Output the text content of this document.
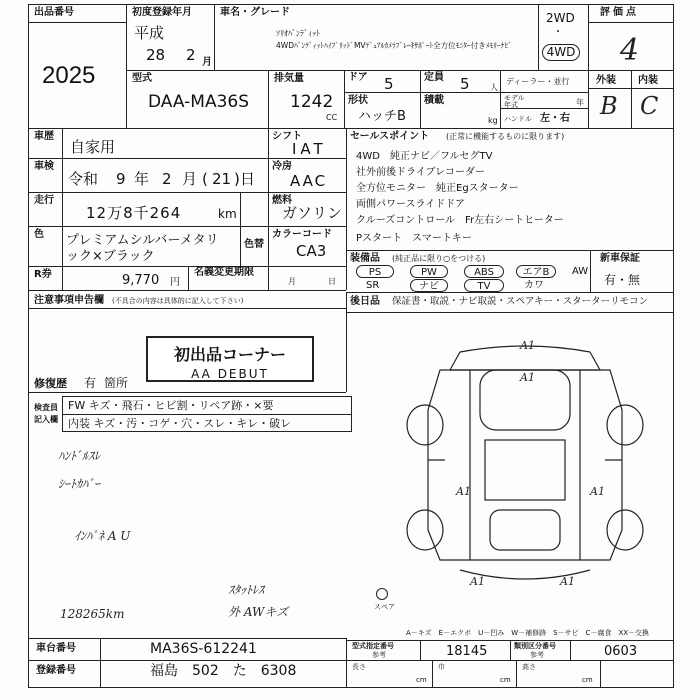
出品番号
2025
初度登録年月
平成
28 2 月
車名・グレード
ｿﾘｵﾊﾞﾝﾃﾞｨｯﾄ
4WDﾊﾞﾝﾃﾞｨｯﾄﾊｲﾌﾞﾘｯﾄﾞMVﾃﾞｭｱﾙｶﾒﾗﾌﾞﾚｰｷｻﾎﾟｰﾄ全方位ﾓﾆﾀｰ付きﾒﾓﾘｰﾅﾋﾞ
2WD
・
4WD
評価点
4
外装 内装
B C
型式
DAA-MA36S
排気量
1242
CC
ドア 5	定員 5	人
ディーラー・並行
形状
ハッチB
積載
kg
モデル年式	年
ハンドル 左・右
車歴
自家用
シフト
IAT
車検
令和 9 年 2 月 21 日
( )
冷房
AAC
走行
12万8千264	km
燃料
ガソリン
色 プレミアムシルバーメタリ
ック×ブラック
色替
カラーコード
CA3
R券	9,770 円
名義変更期限
月	日
セールスポイント (正常に機能するものに限ります)
4WD　純正ナビ／フルセグTV
社外前後ドライブレコーダー
全方位モニター　純正Egスターター
両側パワースライドドア
クルーズコントロール　Fr左右シートヒーター
Pスタート　スマートキー
装備品 (純正品に限り○をつける)
PS	PW	ABS	エアB	AW
SR	ナビ	TV	カワ
新車保証
有・無
後日品 保証書・取説・ナビ取説・スペアキー・スターターリモコン
注意事項申告欄 (不具合の内容は具体的に記入して下さい)
初出品コーナー
AA DEBUT
修復歴 有 箇所
検査員
記入欄
FW キズ・飛石・ヒビ割・リペア跡・×要
内装 キズ・汚・コゲ・穴・スレ・キレ・破レ
ﾊﾝﾄﾞﾙｽﾚ
ｼｰﾄｶﾊﾞｰ
ｲﾝﾊﾟﾈ A U
ｽﾀｯﾄﾚｽ
外 AWキズ
128265km
A1
A1
A1	A1
A1	A1
スペア
A－キズ　E－エクボ　U－凹み　W－補修跡　S－サビ　C－腐食　XX－交換
車台番号	MA36S-612241
登録番号	福島　502　た　6308
型式指定番号
参考	18145	類別区分番号
参考	0603
長さ
cm
巾
cm
高さ
cm
